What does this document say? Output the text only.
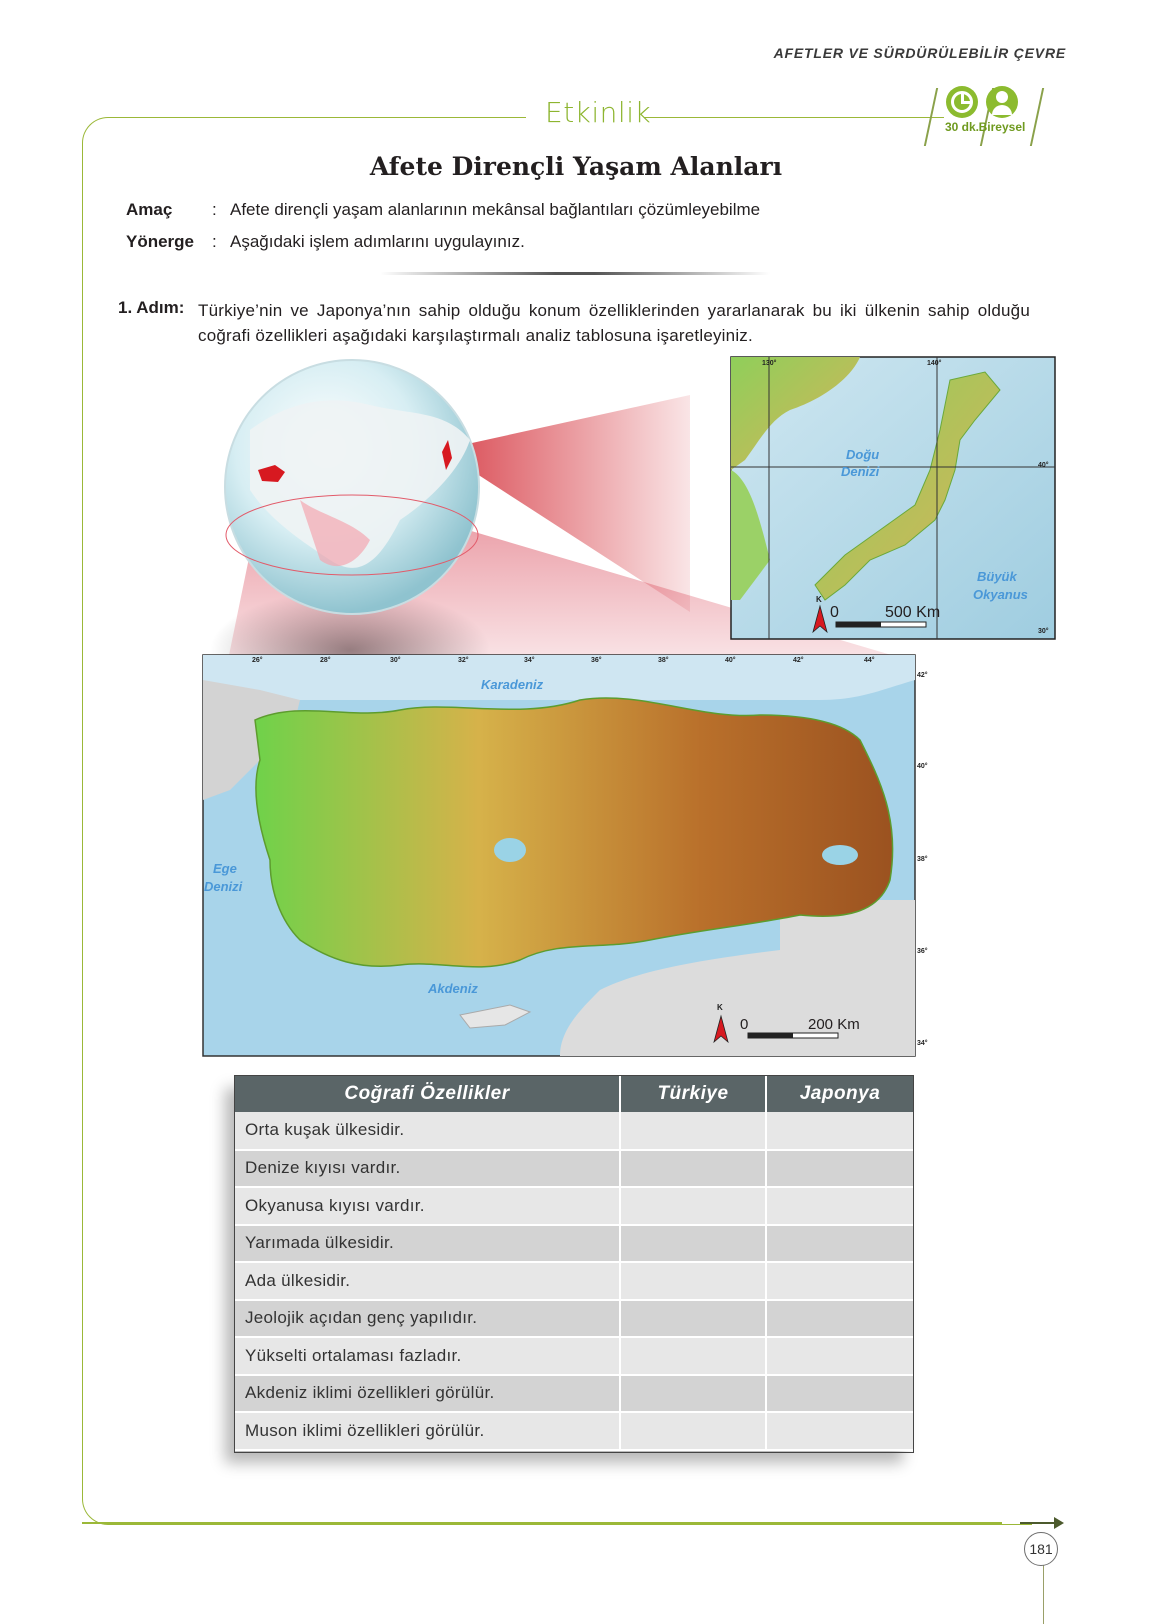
AFETLER VE SÜRDÜRÜLEBİLİR ÇEVRE
Etkinlik	30 dk. Bireysel
Afete Dirençli Yaşam Alanları
Amaç : Afete dirençli yaşam alanlarının mekânsal bağlantıları çözümleyebilme
Yönerge : Aşağıdaki işlem adımlarını uygulayınız.
1. Adım: Türkiye’nin ve Japonya’nın sahip olduğu konum özelliklerinden yararlanarak bu iki ülkenin sahip olduğu coğrafi özellikleri aşağıdaki karşılaştırmalı analiz tablosuna işaretleyiniz.
130°	140°
40°
30°
Doğu
Denizi
Büyük
Okyanus
K
0	500 Km
26°	28°	30°	32°	34°	36°	38°	40°	42°	44°
42°
40°
38°
36°
34°
Karadeniz
Ege
Denizi
Akdeniz
K
0	200 Km
Coğrafi Özellikler	Türkiye	Japonya
Orta kuşak ülkesidir.		
Denize kıyısı vardır.		
Okyanusa kıyısı vardır.		
Yarımada ülkesidir.		
Ada ülkesidir.		
Jeolojik açıdan genç yapılıdır.		
Yükselti ortalaması fazladır.		
Akdeniz iklimi özellikleri görülür.		
Muson iklimi özellikleri görülür.		
181
